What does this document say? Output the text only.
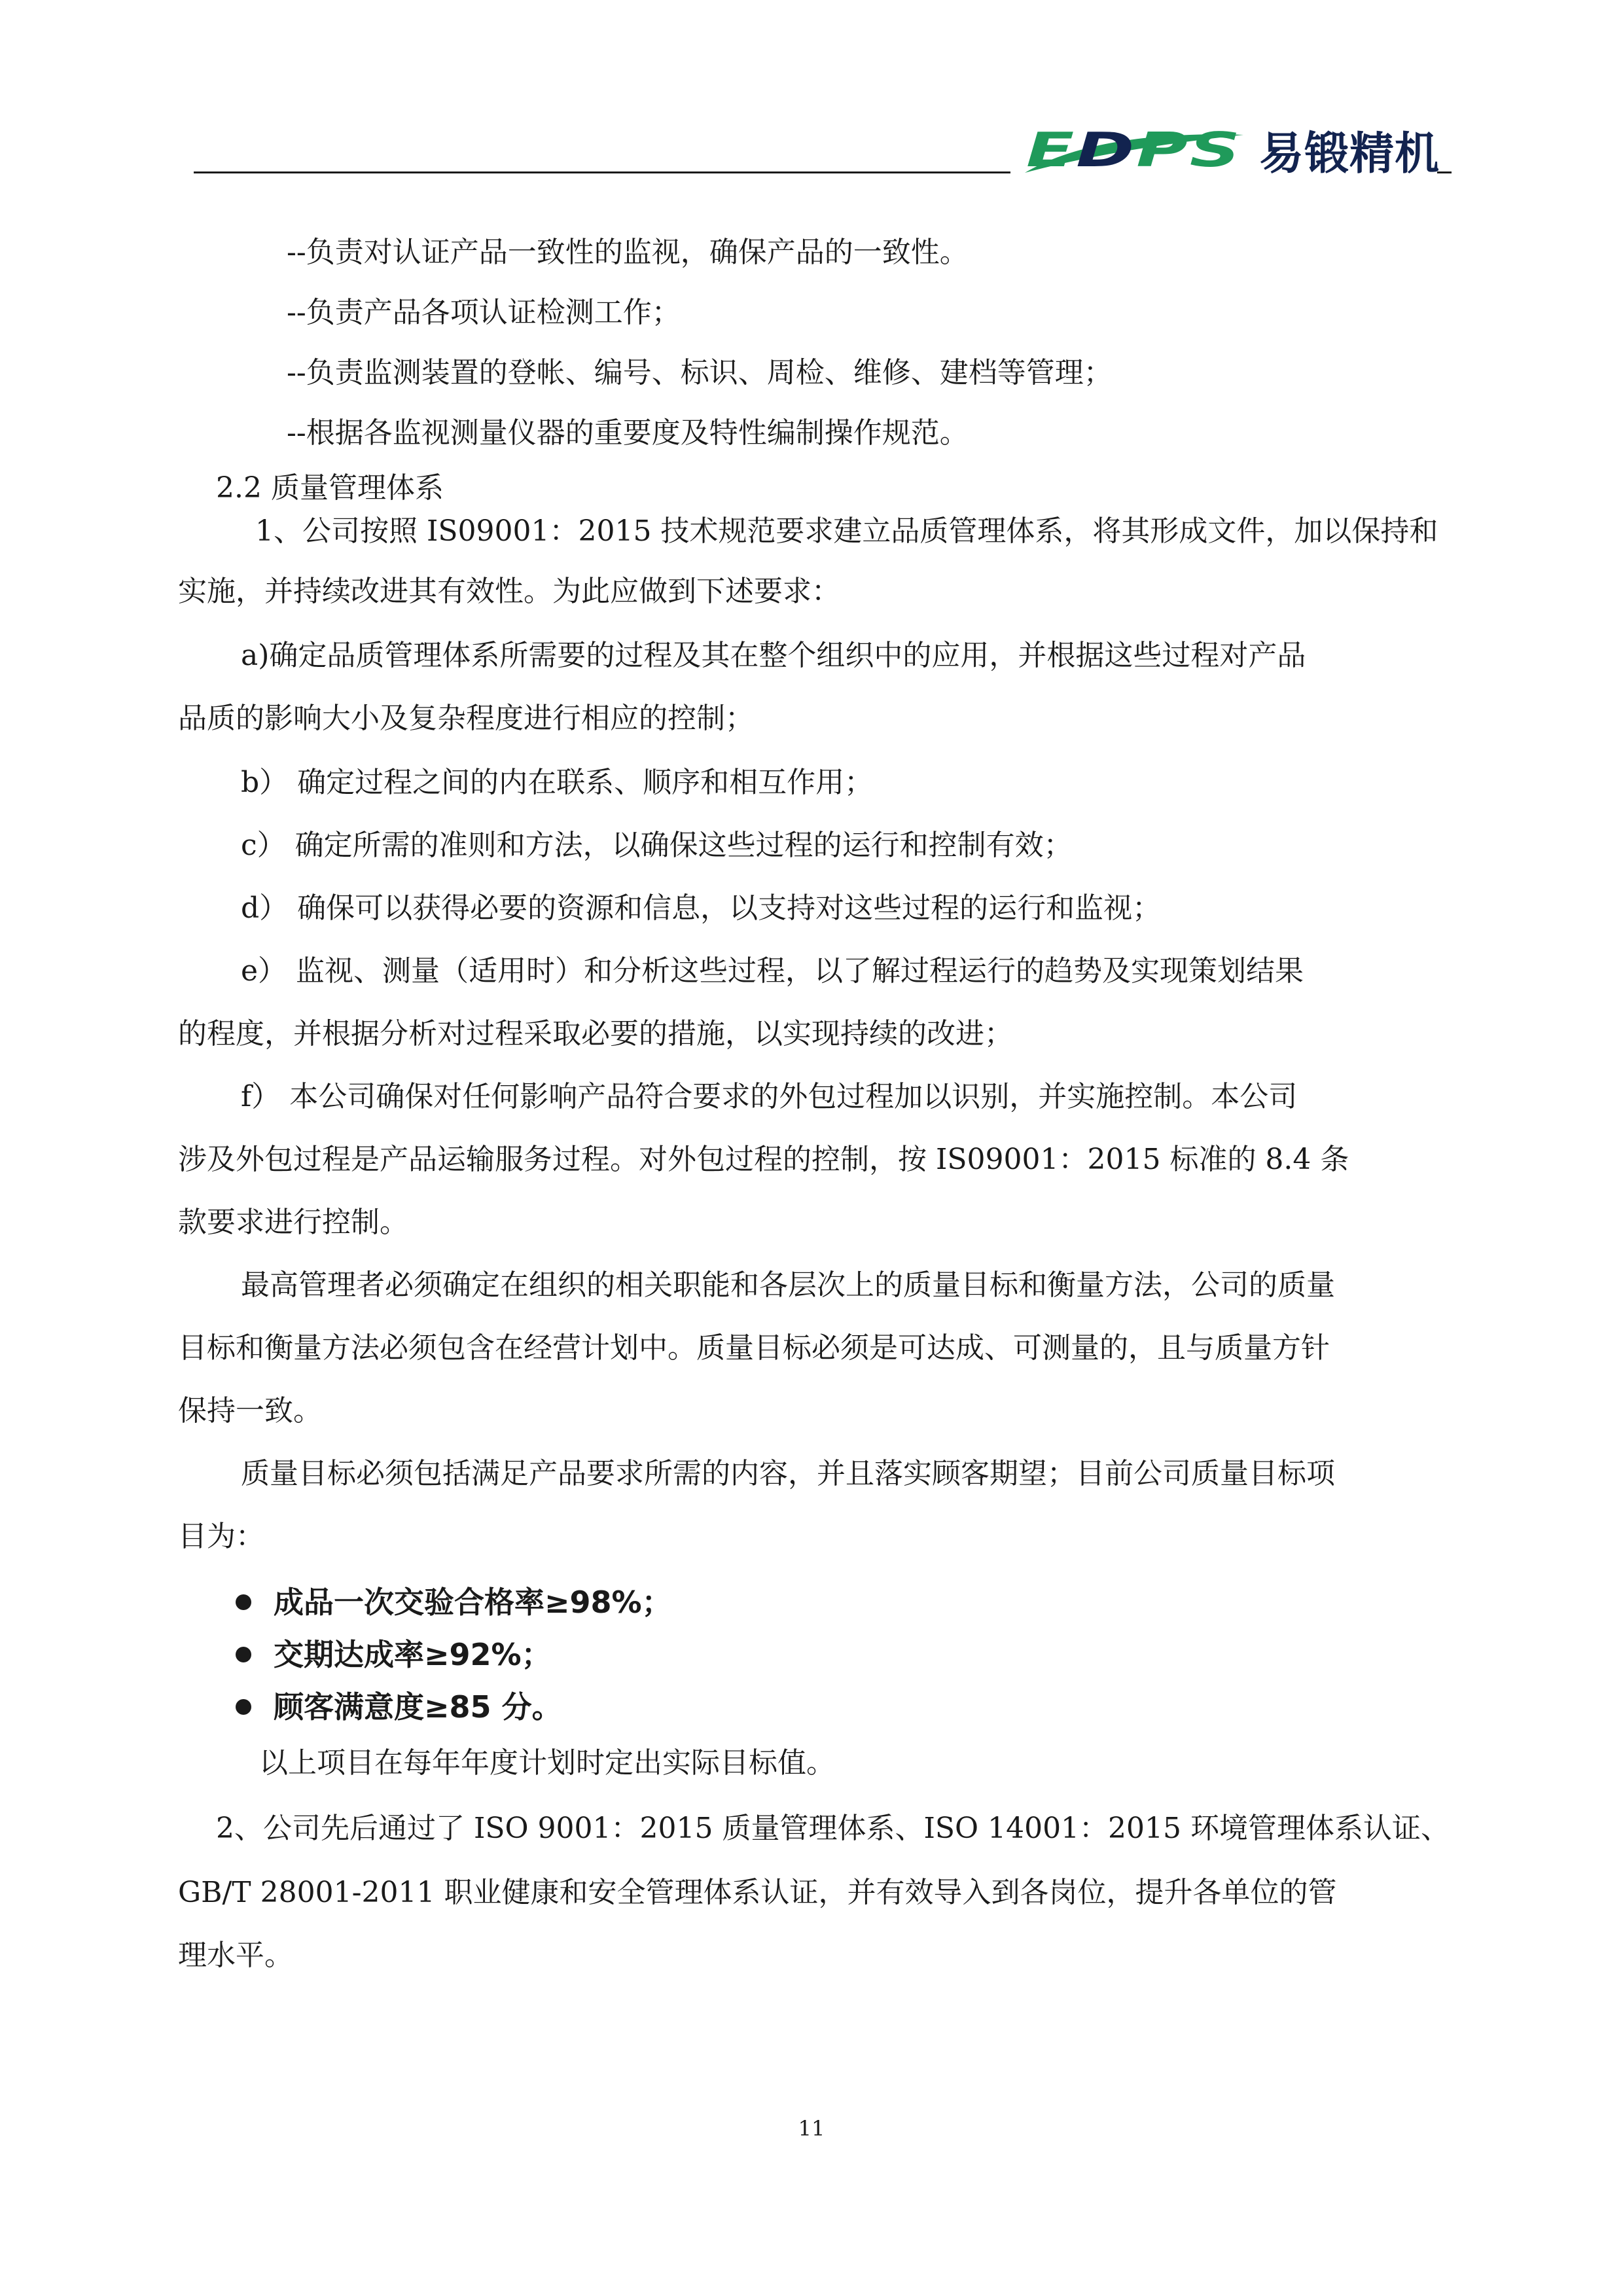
E D P S 易锻精机
--负责对认证产品一致性的监视，确保产品的一致性。
--负责产品各项认证检测工作；
--负责监测装置的登帐、编号、标识、周检、维修、建档等管理；
--根据各监视测量仪器的重要度及特性编制操作规范。
2.2 质量管理体系
1、公司按照 IS09001：2015 技术规范要求建立品质管理体系，将其形成文件，加以保持和
实施，并持续改进其有效性。为此应做到下述要求：
a)确定品质管理体系所需要的过程及其在整个组织中的应用，并根据这些过程对产品
品质的影响大小及复杂程度进行相应的控制；
b） 确定过程之间的内在联系、顺序和相互作用；
c） 确定所需的准则和方法，以确保这些过程的运行和控制有效；
d） 确保可以获得必要的资源和信息，以支持对这些过程的运行和监视；
e） 监视、测量（适用时）和分析这些过程，以了解过程运行的趋势及实现策划结果
的程度，并根据分析对过程采取必要的措施，以实现持续的改进；
f） 本公司确保对任何影响产品符合要求的外包过程加以识别，并实施控制。本公司
涉及外包过程是产品运输服务过程。对外包过程的控制，按 IS09001：2015 标准的 8.4 条
款要求进行控制。
最高管理者必须确定在组织的相关职能和各层次上的质量目标和衡量方法，公司的质量
目标和衡量方法必须包含在经营计划中。质量目标必须是可达成、可测量的，且与质量方针
保持一致。
质量目标必须包括满足产品要求所需的内容，并且落实顾客期望；目前公司质量目标项
目为：
成品一次交验合格率≥98%；
交期达成率≥92%；
顾客满意度≥85 分。
以上项目在每年年度计划时定出实际目标值。
2、公司先后通过了 ISO 9001：2015 质量管理体系、ISO 14001：2015 环境管理体系认证、
GB/T 28001-2011 职业健康和安全管理体系认证，并有效导入到各岗位，提升各单位的管
理水平。
11
